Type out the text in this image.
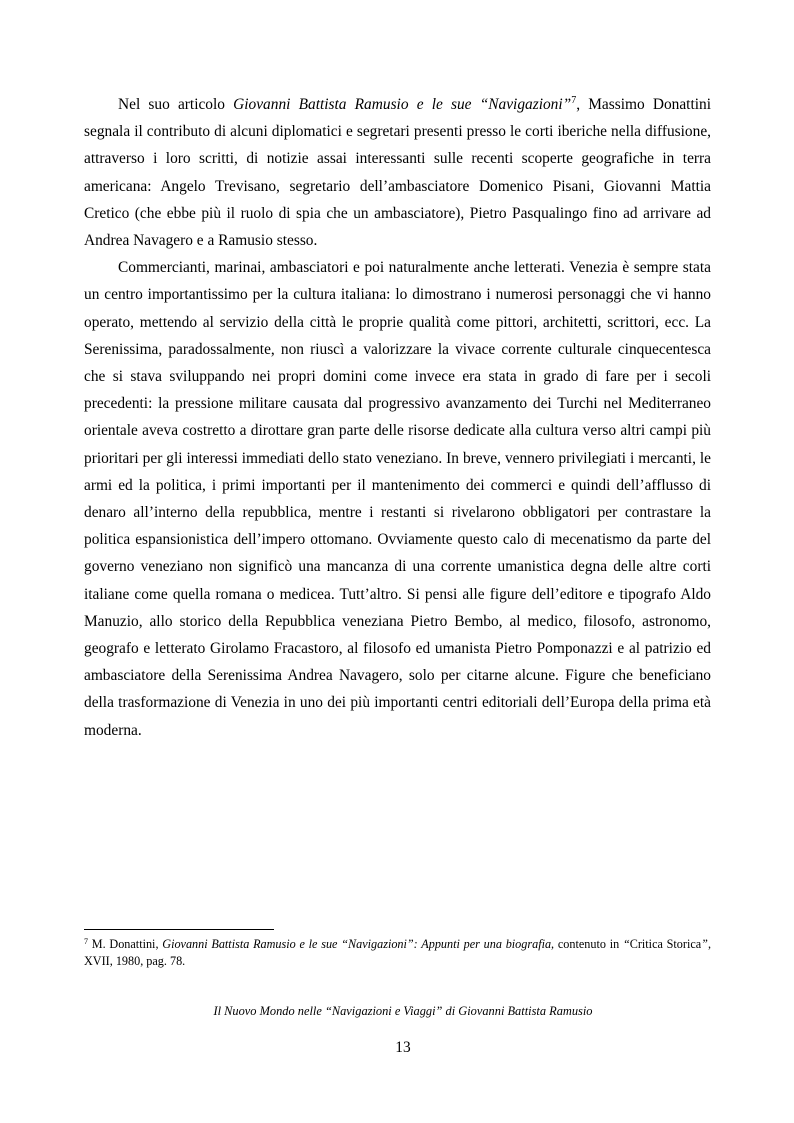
Nel suo articolo Giovanni Battista Ramusio e le sue “Navigazioni”$^7$, Massimo Donattini segnala il contributo di alcuni diplomatici e segretari presenti presso le corti iberiche nella diffusione, attraverso i loro scritti, di notizie assai interessanti sulle recenti scoperte geografiche in terra americana: Angelo Trevisano, segretario dell’ambasciatore Domenico Pisani, Giovanni Mattia Cretico (che ebbe più il ruolo di spia che un ambasciatore), Pietro Pasqualingo fino ad arrivare ad Andrea Navagero e a Ramusio stesso.

Commercianti, marinai, ambasciatori e poi naturalmente anche letterati. Venezia è sempre stata un centro importantissimo per la cultura italiana: lo dimostrano i numerosi personaggi che vi hanno operato, mettendo al servizio della città le proprie qualità come pittori, architetti, scrittori, ecc. La Serenissima, paradossalmente, non riuscì a valorizzare la vivace corrente culturale cinquecentesca che si stava sviluppando nei propri domini come invece era stata in grado di fare per i secoli precedenti: la pressione militare causata dal progressivo avanzamento dei Turchi nel Mediterraneo orientale aveva costretto a dirottare gran parte delle risorse dedicate alla cultura verso altri campi più prioritari per gli interessi immediati dello stato veneziano. In breve, vennero privilegiati i mercanti, le armi ed la politica, i primi importanti per il mantenimento dei commerci e quindi dell’afflusso di denaro all’interno della repubblica, mentre i restanti si rivelarono obbligatori per contrastare la politica espansionistica dell’impero ottomano. Ovviamente questo calo di mecenatismo da parte del governo veneziano non significò una mancanza di una corrente umanistica degna delle altre corti italiane come quella romana o medicea. Tutt’altro. Si pensi alle figure dell’editore e tipografo Aldo Manuzio, allo storico della Repubblica veneziana Pietro Bembo, al medico, filosofo, astronomo, geografo e letterato Girolamo Fracastoro, al filosofo ed umanista Pietro Pomponazzi e al patrizio ed ambasciatore della Serenissima Andrea Navagero, solo per citarne alcune. Figure che beneficiano della trasformazione di Venezia in uno dei più importanti centri editoriali dell’Europa della prima età moderna.

$^7$ M. Donattini, Giovanni Battista Ramusio e le sue “Navigazioni”: Appunti per una biografia, contenuto in “Critica Storica”, XVII, 1980, pag. 78.
Il Nuovo Mondo nelle “Navigazioni e Viaggi” di Giovanni Battista Ramusio
13
